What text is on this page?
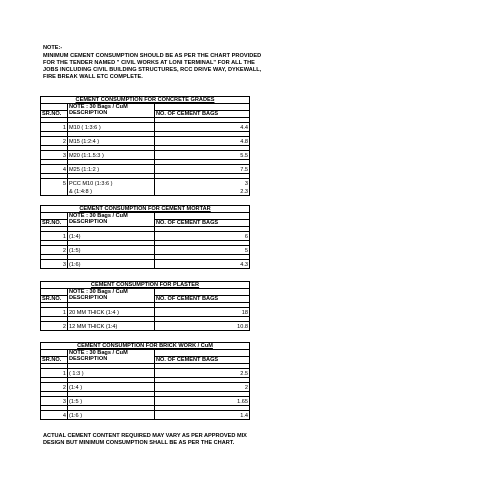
NOTE:-
MINIMUM CEMENT CONSUMPTION SHOULD BE AS PER THE CHART PROVIDED
FOR THE TENDER NAMED " CIVIL WORKS AT LONI TERMINAL" FOR ALL THE
JOBS INCLUDING CIVIL BUILDING STRUCTURES, RCC DRIVE WAY, DYKEWALL,
FIRE BREAK WALL ETC COMPLETE.
CEMENT CONSUMPTION FOR CONCRETE GRADES		
	NOTE : 30 Bags / CuM	
SR.NO.	DESCRIPTION	NO. OF CEMENT BAGS

1	M10 ( 1:3:6 )	4.4

2	M15 (1:2:4 )	4.8

3	M20 (1:1.5:3 )	5.5

4	M25 (1:1:2 )	7.5

5	PCC M10 (1:3:6 )	3
	& (1:4:8 )	2.3
CEMENT CONSUMPTION FOR CEMENT MORTAR		
	NOTE : 30 Bags / CuM	
SR.NO.	DESCRIPTION	NO. OF CEMENT BAGS

1	(1:4)	6

2	(1:5)	5

3	(1:6)	4.3
CEMENT CONSUMPTION FOR PLASTER		
	NOTE : 30 Bags / CuM	
SR.NO.	DESCRIPTION	NO. OF CEMENT BAGS

1	20 MM THICK (1:4 )	18

2	12 MM THICK (1:4)	10.8
CEMENT CONSUMPTION FOR BRICK WORK / CuM		
	NOTE : 30 Bags / CuM	
SR.NO.	DESCRIPTION	NO. OF CEMENT BAGS

1	( 1:3 )	2.5

2	(1:4 )	2

3	(1:5 )	1.65

4	(1:6 )	1.4
ACTUAL CEMENT CONTENT REQUIRED MAY VARY AS PER APPROVED MIX
DESIGN BUT MINIMUM CONSUMPTION SHALL BE AS PER THE CHART.
